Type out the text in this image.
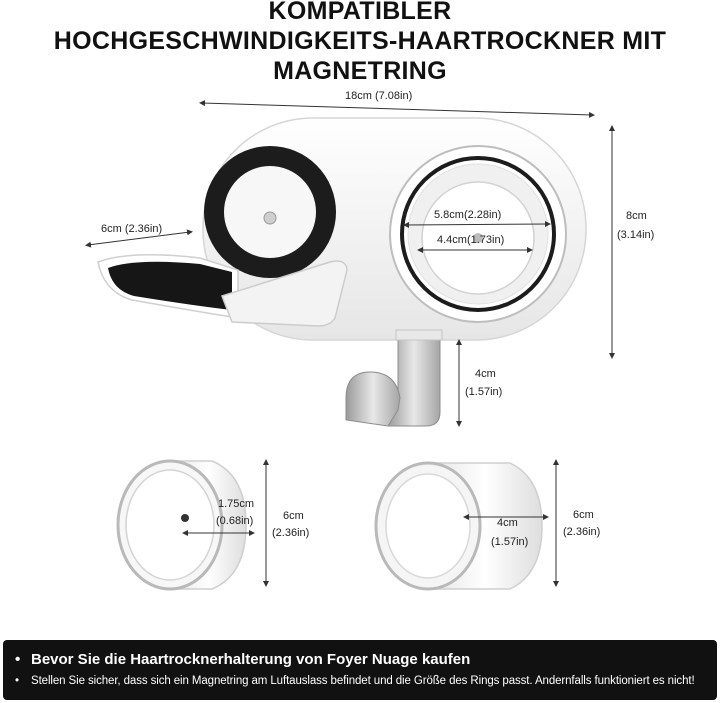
KOMPATIBLER
HOCHGESCHWINDIGKEITS-HAARTROCKNER MIT
MAGNETRING
18cm (7.08in)
8cm
(3.14in)
6cm (2.36in)
5.8cm(2.28in)
4.4cm(1.73in)
4cm
(1.57in)
1.75cm
(0.68in)	6cm
(2.36in)
4cm
(1.57in)
6cm
(2.36in)
• Bevor Sie die Haartrocknerhalterung von Foyer Nuage kaufen
• Stellen Sie sicher, dass sich ein Magnetring am Luftauslass befindet und die Größe des Rings passt. Andernfalls funktioniert es nicht!
